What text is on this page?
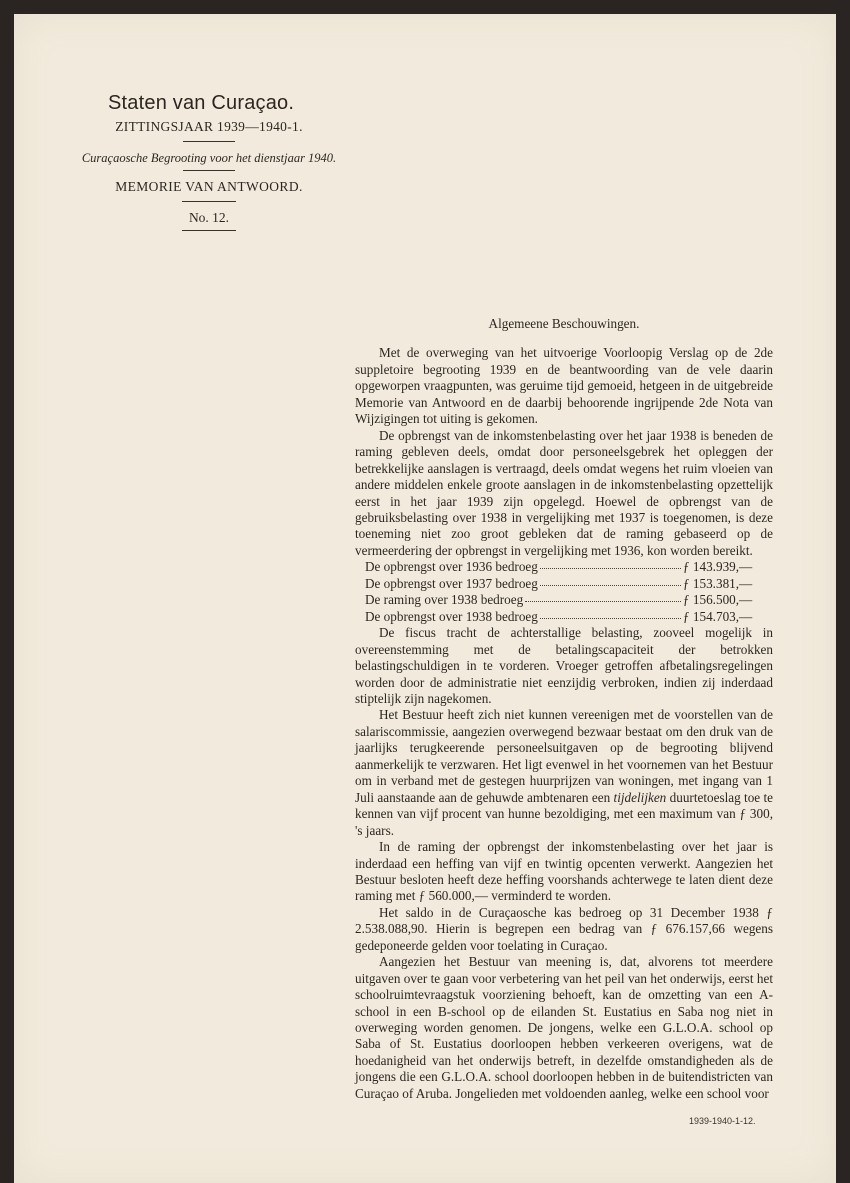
Staten van Curaçao.
ZITTINGSJAAR 1939—1940-1.
Curaçaosche Begrooting voor het dienstjaar 1940.
MEMORIE VAN ANTWOORD.
No. 12.
Algemeene Beschouwingen.

Met de overweging van het uitvoerige Voorloopig Verslag op de 2de suppletoire begrooting 1939 en de beantwoording van de vele daarin opgeworpen vraagpunten, was geruime tijd gemoeid, hetgeen in de uitgebreide Memorie van Antwoord en de daarbij behoorende ingrijpende 2de Nota van Wijzigingen tot uiting is gekomen.

De opbrengst van de inkomstenbelasting over het jaar 1938 is beneden de raming gebleven deels, omdat door personeelsgebrek het opleggen der betrekkelijke aanslagen is vertraagd, deels omdat wegens het ruim vloeien van andere middelen enkele groote aanslagen in de inkomstenbelasting opzettelijk eerst in het jaar 1939 zijn opgelegd. Hoewel de opbrengst van de gebruiksbelasting over 1938 in vergelijking met 1937 is toegenomen, is deze toeneming niet zoo groot gebleken dat de raming gebaseerd op de vermeerdering der opbrengst in vergelijking met 1936, kon worden bereikt.

De opbrengst over 1936 bedroeg	ƒ 143.939,—
De opbrengst over 1937 bedroeg	ƒ 153.381,—
De raming over 1938 bedroeg	ƒ 156.500,—
De opbrengst over 1938 bedroeg	ƒ 154.703,—

De fiscus tracht de achterstallige belasting, zooveel mogelijk in overeenstemming met de betalingscapaciteit der betrokken belastingschuldigen in te vorderen. Vroeger getroffen afbetalingsregelingen worden door de administratie niet eenzijdig verbroken, indien zij inderdaad stiptelijk zijn nagekomen.

Het Bestuur heeft zich niet kunnen vereenigen met de voorstellen van de salariscommissie, aangezien overwegend bezwaar bestaat om den druk van de jaarlijks terugkeerende personeelsuitgaven op de begrooting blijvend aanmerkelijk te verzwaren. Het ligt evenwel in het voornemen van het Bestuur om in verband met de gestegen huurprijzen van woningen, met ingang van 1 Juli aanstaande aan de gehuwde ambtenaren een tijdelijken duurtetoeslag toe te kennen van vijf procent van hunne bezoldiging, met een maximum van ƒ 300, 's jaars.

In de raming der opbrengst der inkomstenbelasting over het jaar is inderdaad een heffing van vijf en twintig opcenten verwerkt. Aangezien het Bestuur besloten heeft deze heffing voorshands achterwege te laten dient deze raming met ƒ 560.000,— verminderd te worden.

Het saldo in de Curaçaosche kas bedroeg op 31 December 1938 ƒ 2.538.088,90. Hierin is begrepen een bedrag van ƒ 676.157,66 wegens gedeponeerde gelden voor toelating in Curaçao.

Aangezien het Bestuur van meening is, dat, alvorens tot meerdere uitgaven over te gaan voor verbetering van het peil van het onderwijs, eerst het schoolruimtevraagstuk voorziening behoeft, kan de omzetting van een A-school in een B-school op de eilanden St. Eustatius en Saba nog niet in overweging worden genomen. De jongens, welke een G.L.O.A. school op Saba of St. Eustatius doorloopen hebben verkeeren overigens, wat de hoedanigheid van het onderwijs betreft, in dezelfde omstandigheden als de jongens die een G.L.O.A. school doorloopen hebben in de buitendistricten van Curaçao of Aruba. Jongelieden met voldoenden aanleg, welke een school voor

1939-1940-1-12.
